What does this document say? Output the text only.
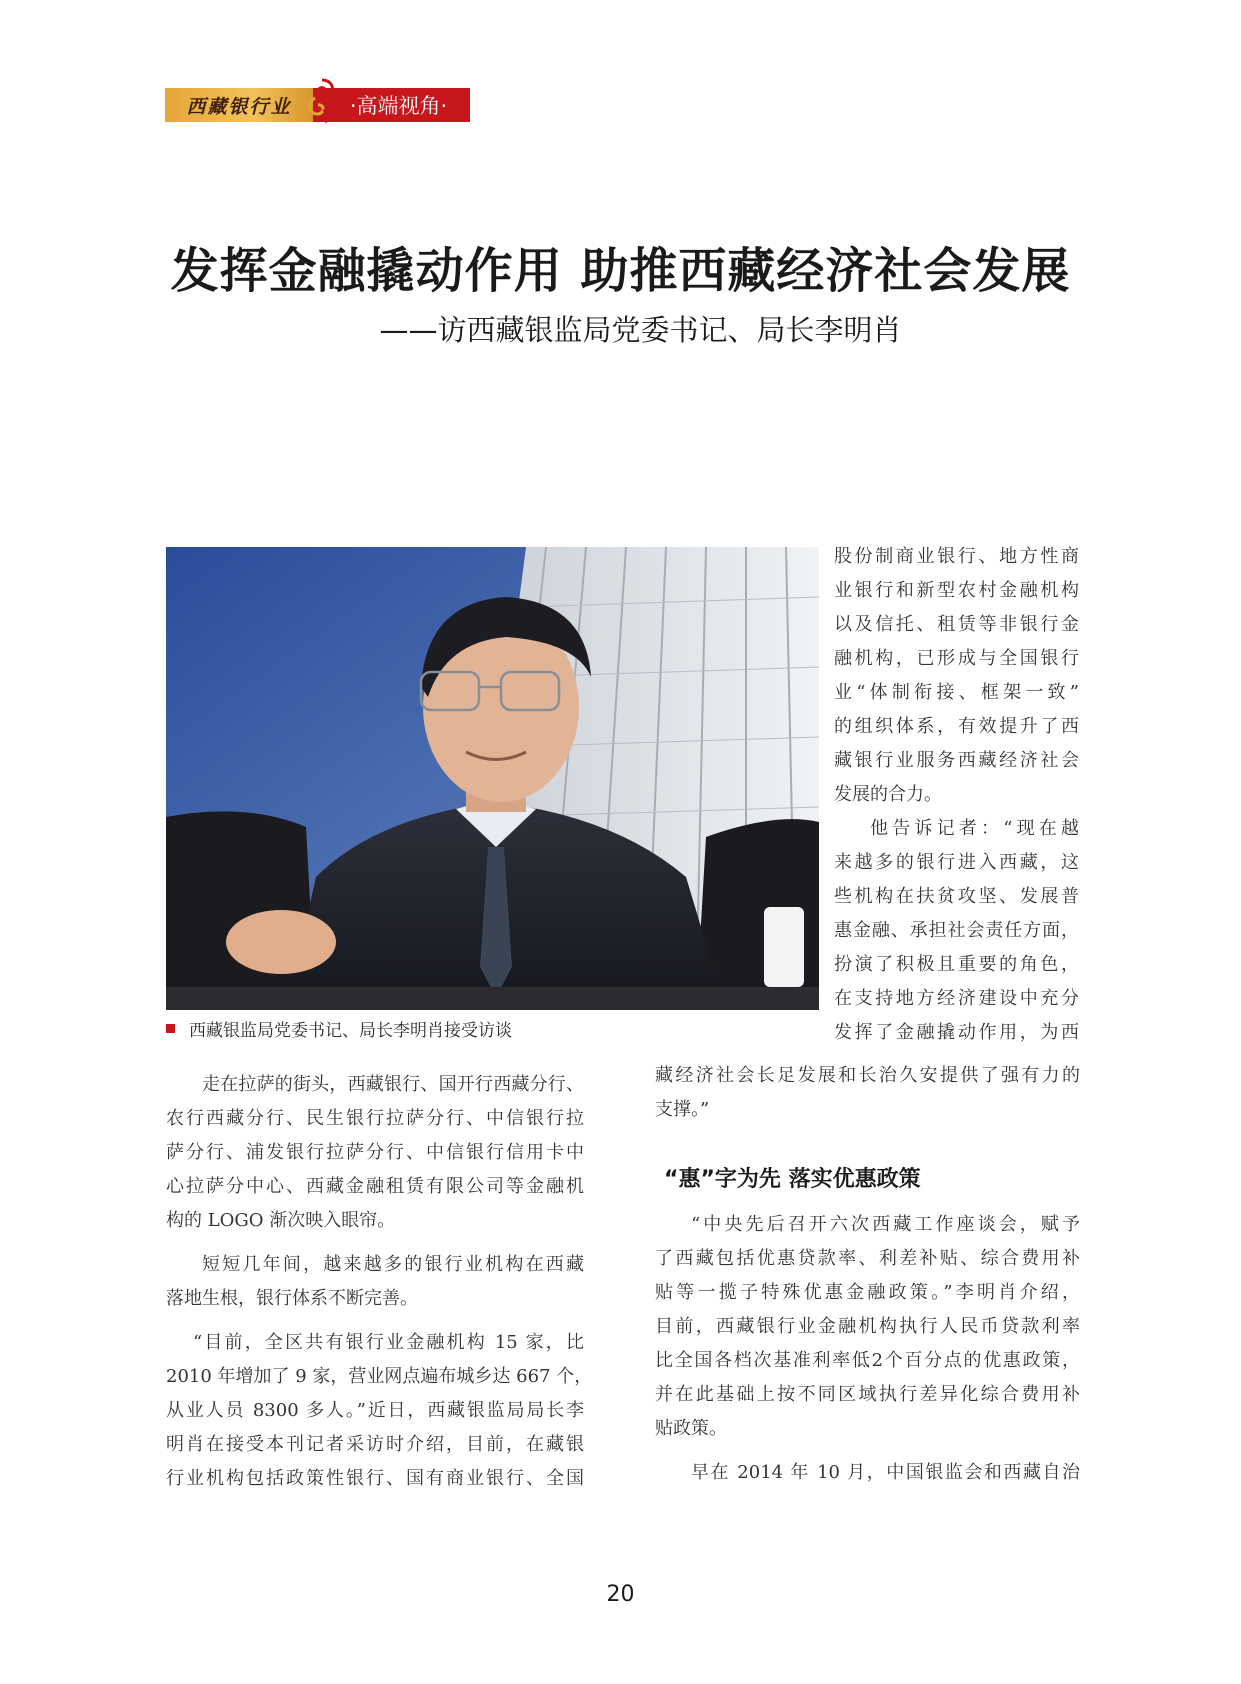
西藏银行业	·高端视角·
发挥金融撬动作用 助推西藏经济社会发展
——访西藏银监局党委书记、局长李明肖
西藏银监局党委书记、局长李明肖接受访谈
股份制商业银行、地方性商
业银行和新型农村金融机构
以及信托、租赁等非银行金
融机构，已形成与全国银行
业“体制衔接、框架一致”
的组织体系，有效提升了西
藏银行业服务西藏经济社会
发展的合力。
他告诉记者：“现在越
来越多的银行进入西藏，这
些机构在扶贫攻坚、发展普
惠金融、承担社会责任方面，
扮演了积极且重要的角色，
在支持地方经济建设中充分
发挥了金融撬动作用，为西
藏经济社会长足发展和长治久安提供了强有力的
支撑。”
“惠”字为先 落实优惠政策
“中央先后召开六次西藏工作座谈会，赋予
了西藏包括优惠贷款率、利差补贴、综合费用补
贴等一揽子特殊优惠金融政策。”李明肖介绍，
目前，西藏银行业金融机构执行人民币贷款利率
比全国各档次基准利率低2个百分点的优惠政策，
并在此基础上按不同区域执行差异化综合费用补
贴政策。
早在 2014 年 10 月，中国银监会和西藏自治
走在拉萨的街头，西藏银行、国开行西藏分行、
农行西藏分行、民生银行拉萨分行、中信银行拉
萨分行、浦发银行拉萨分行、中信银行信用卡中
心拉萨分中心、西藏金融租赁有限公司等金融机
构的 LOGO 渐次映入眼帘。
短短几年间，越来越多的银行业机构在西藏
落地生根，银行体系不断完善。
“目前，全区共有银行业金融机构 15 家，比
2010 年增加了 9 家，营业网点遍布城乡达 667 个，
从业人员 8300 多人。”近日，西藏银监局局长李
明肖在接受本刊记者采访时介绍，目前，在藏银
行业机构包括政策性银行、国有商业银行、全国
20
